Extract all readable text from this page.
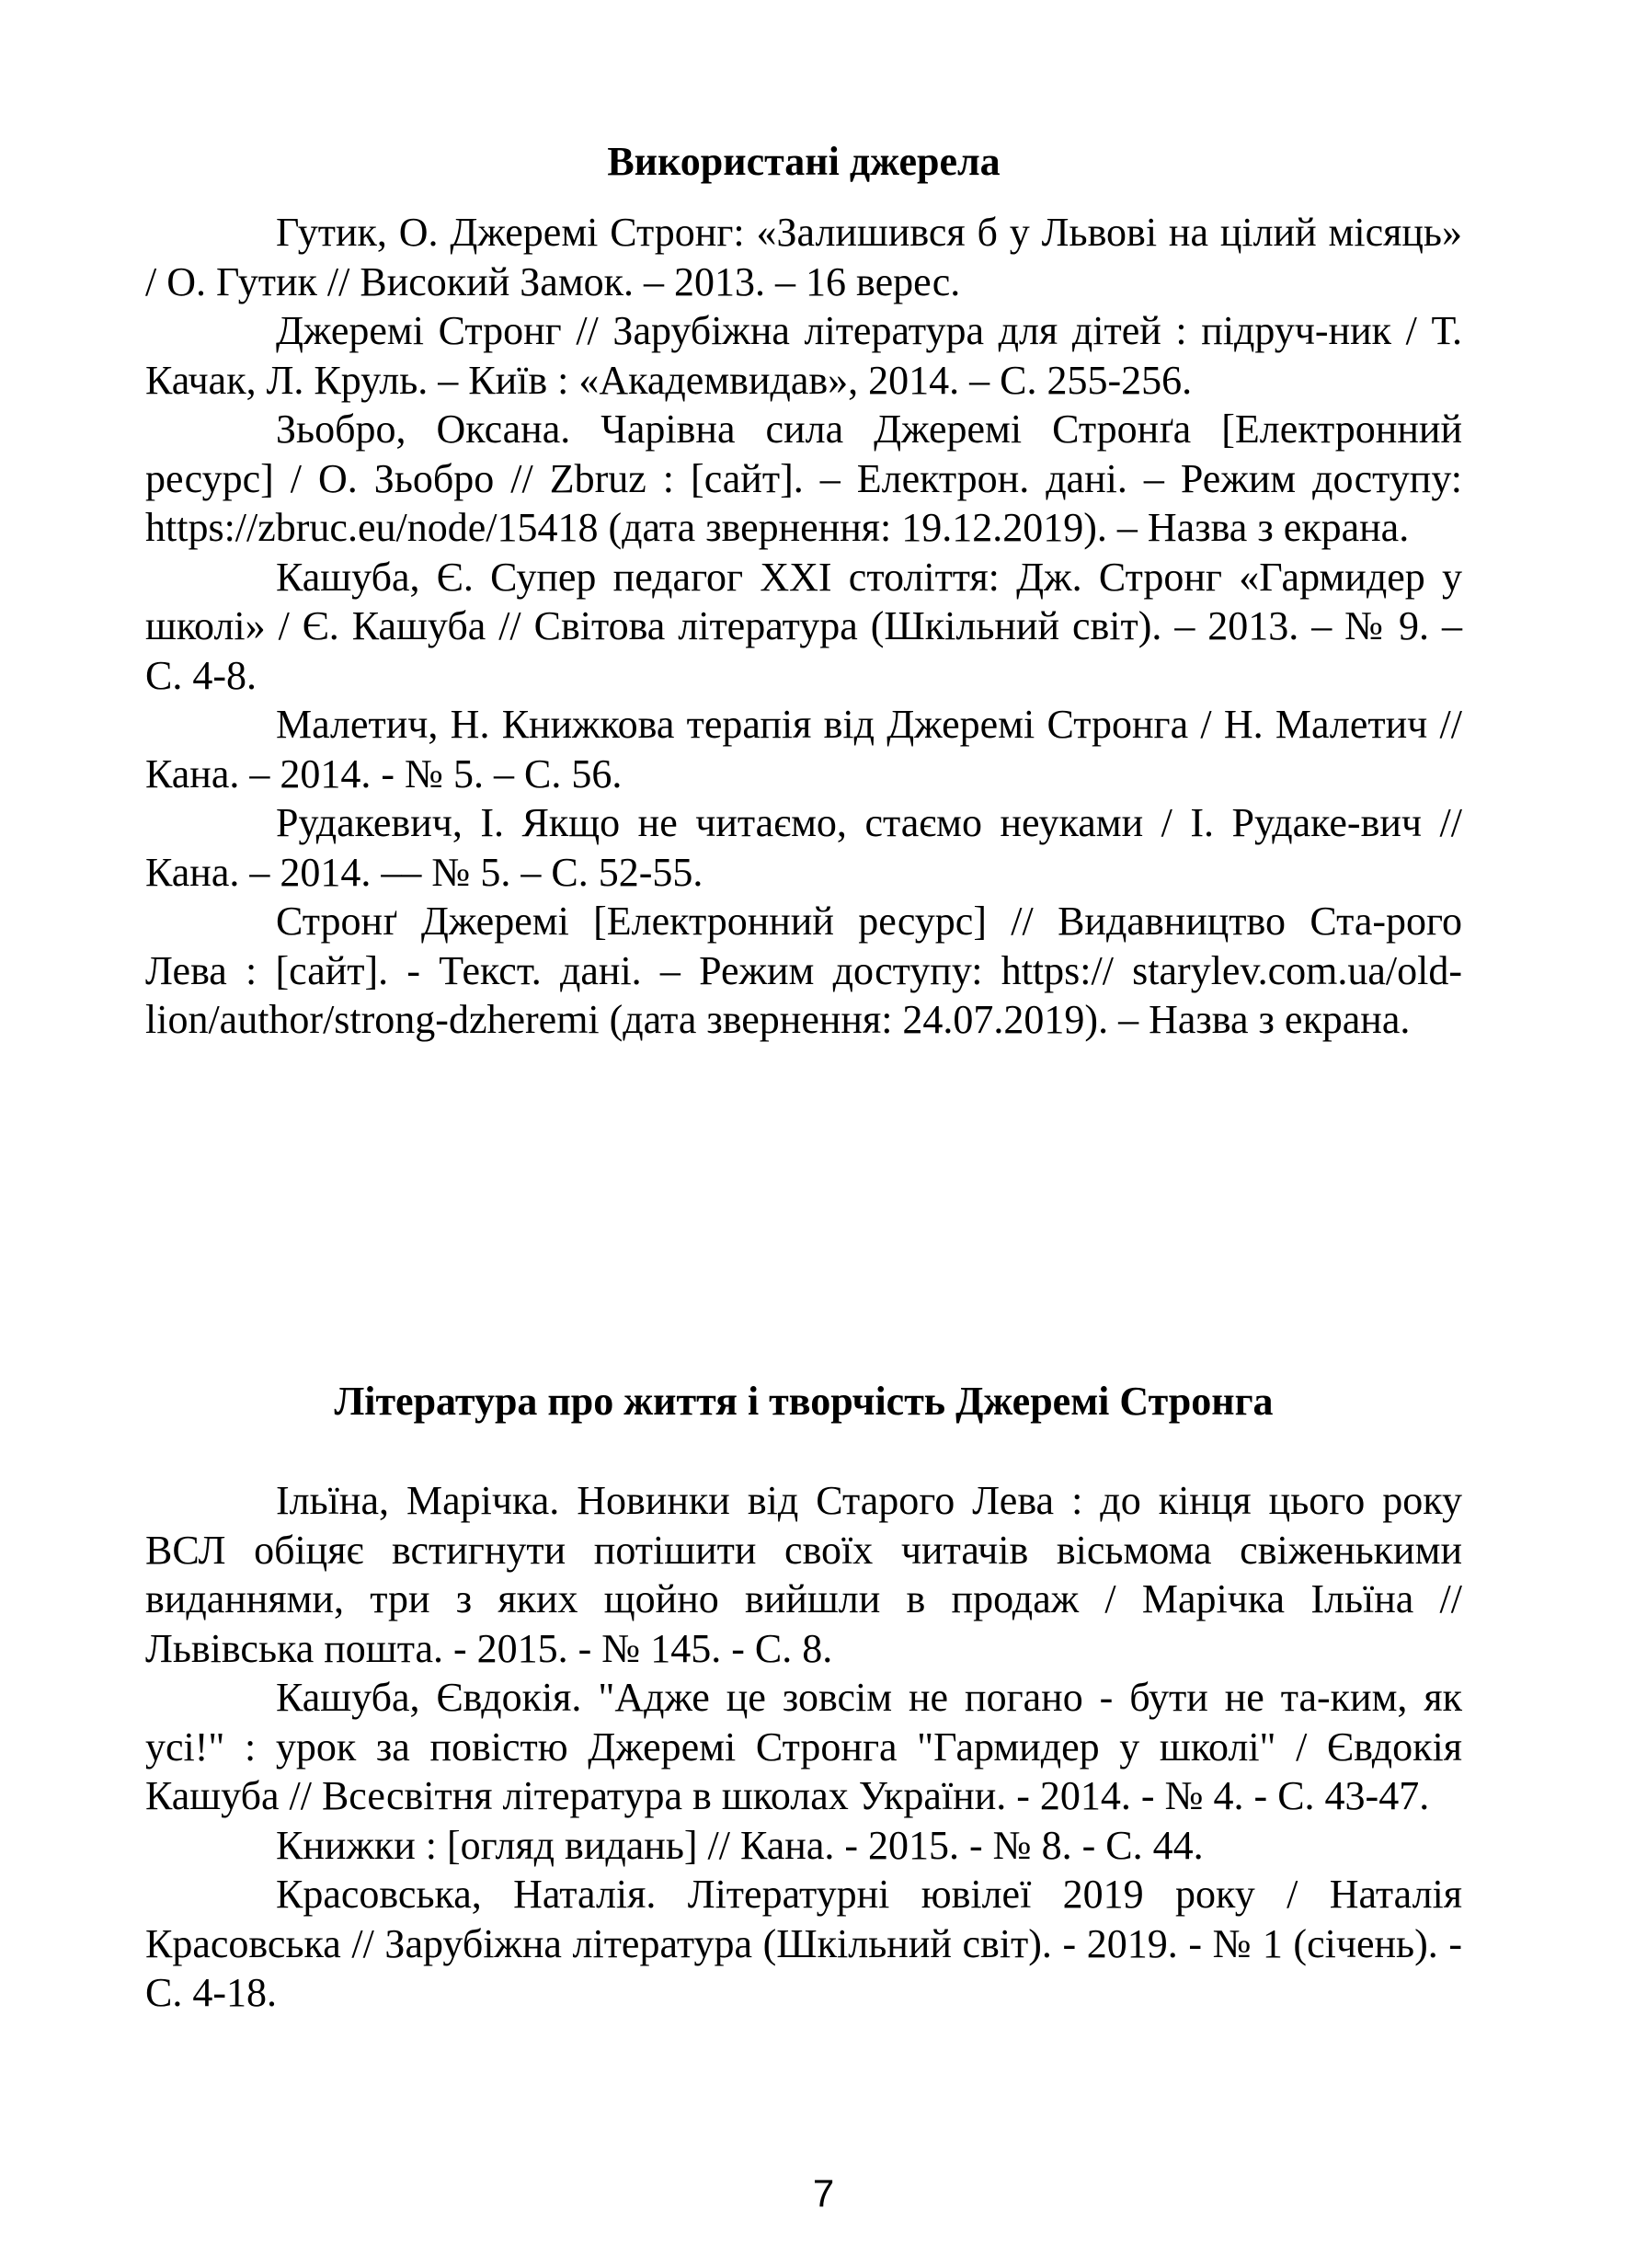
Використані джерела

Гутик, О. Джеремі Стронг: «Залишився б у Львові на цілий місяць» / О. Гутик // Високий Замок. – 2013. – 16 верес.

Джеремі Стронг // Зарубіжна література для дітей : підруч-ник / Т. Качак, Л. Круль. – Київ : «Академвидав», 2014. – С. 255-256.

Зьобро, Оксана. Чарівна сила Джеремі Стронґа [Електронний ресурс] / О. Зьобро // Zbruz : [сайт]. – Електрон. дані. – Режим доступу: https://zbruc.eu/node/15418 (дата звернення: 19.12.2019). – Назва з екрана.

Кашуба, Є. Супер педагог XXI століття: Дж. Стронг «Гармидер у школі» / Є. Кашуба // Світова література (Шкільний світ). – 2013. – № 9. – С. 4-8.

Малетич, Н. Книжкова терапія від Джеремі Стронга / Н. Малетич // Кана. – 2014. - № 5. – С. 56.

Рудакевич, І. Якщо не читаємо, стаємо неуками / І. Рудаке-вич // Кана. – 2014. –– № 5. – С. 52-55.

Стронґ Джеремі [Електронний ресурс] // Видавництво Ста-рого Лева : [сайт]. - Текст. дані. – Режим доступу: https:// starylev.com.ua/old-lion/author/strong-dzheremi (дата звернення: 24.07.2019). – Назва з екрана.

Література про життя і творчість Джеремі Стронга

Ільїна, Марічка. Новинки від Старого Лева : до кінця цього року ВСЛ обіцяє встигнути потішити своїх читачів вісьмома свіженькими виданнями, три з яких щойно вийшли в продаж / Марічка Ільїна // Львівська пошта. - 2015. - № 145. - С. 8.

Кашуба, Євдокія. "Адже це зовсім не погано - бути не та-ким, як усі!" : урок за повістю Джеремі Стронга "Гармидер у школі" / Євдокія Кашуба // Всесвітня література в школах України. - 2014. - № 4. - С. 43-47.

Книжки : [огляд видань] // Кана. - 2015. - № 8. - С. 44.

Красовська, Наталія. Літературні ювілеї 2019 року / Наталія Красовська // Зарубіжна література (Шкільний світ). - 2019. - № 1 (січень). - С. 4-18.

7
